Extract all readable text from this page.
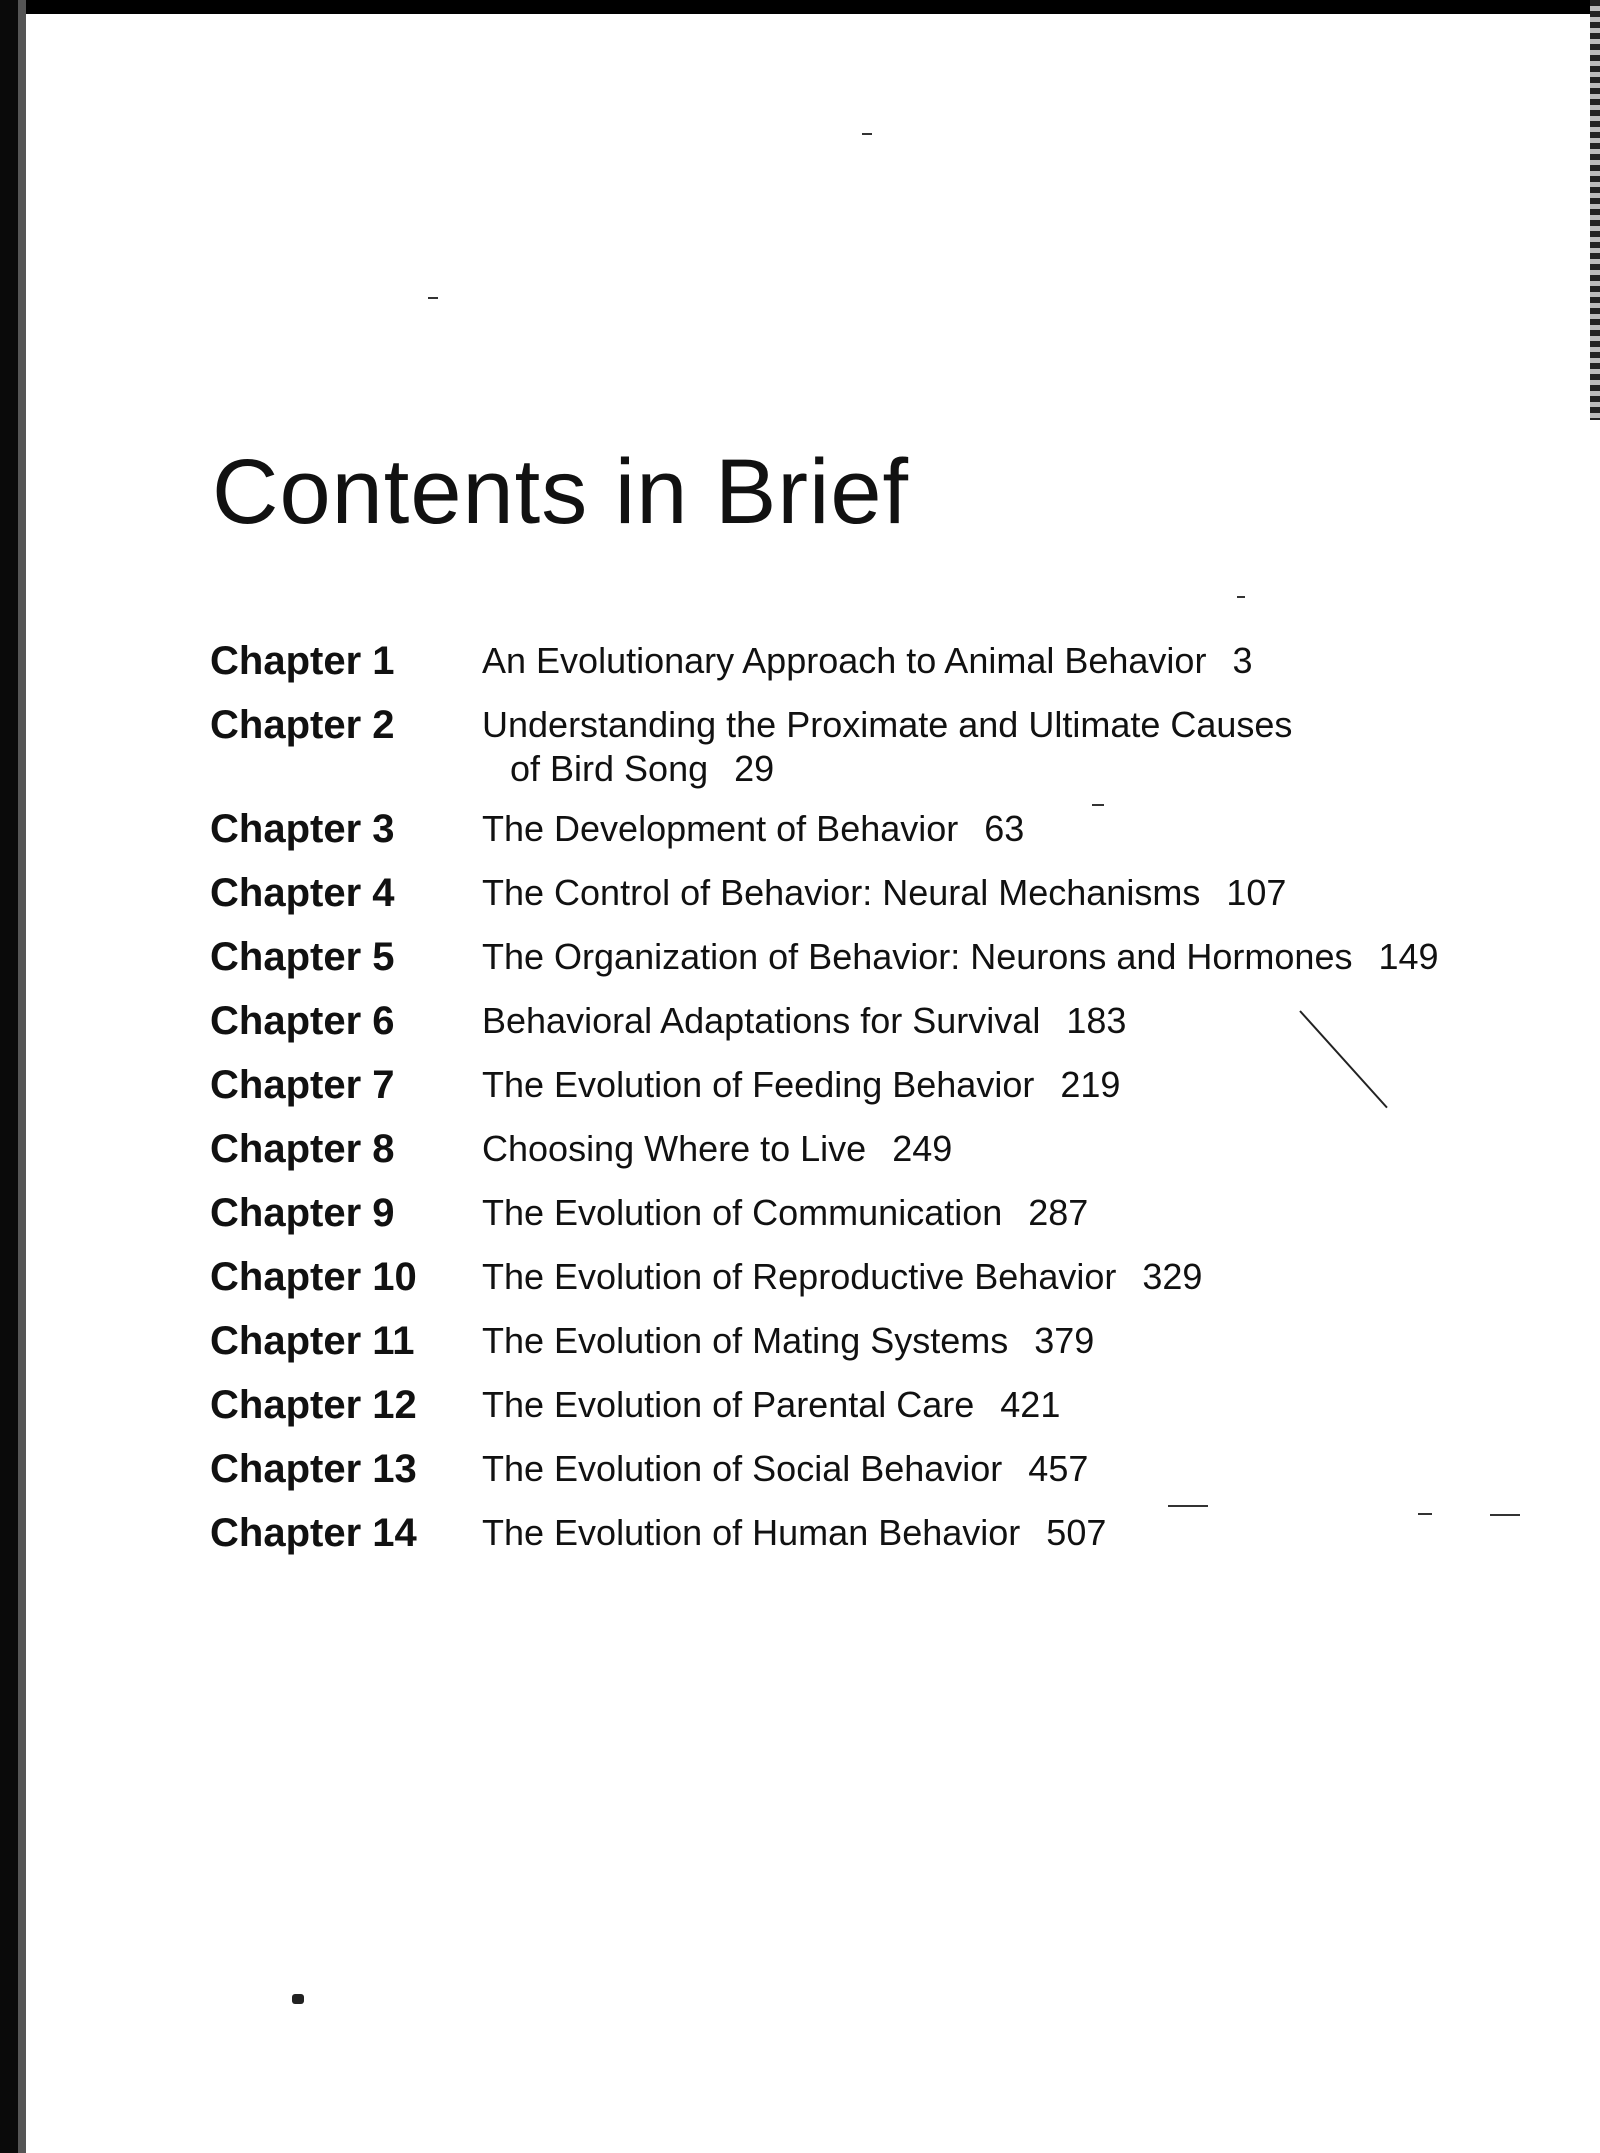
Contents in Brief
Chapter 1	An Evolutionary Approach to Animal Behavior 3
Chapter 2	Understanding the Proximate and Ultimate Causes
of Bird Song 29
Chapter 3	The Development of Behavior 63
Chapter 4	The Control of Behavior: Neural Mechanisms 107
Chapter 5	The Organization of Behavior: Neurons and Hormones 149
Chapter 6	Behavioral Adaptations for Survival 183
Chapter 7	The Evolution of Feeding Behavior 219
Chapter 8	Choosing Where to Live 249
Chapter 9	The Evolution of Communication 287
Chapter 10	The Evolution of Reproductive Behavior 329
Chapter 11	The Evolution of Mating Systems 379
Chapter 12	The Evolution of Parental Care 421
Chapter 13	The Evolution of Social Behavior 457
Chapter 14	The Evolution of Human Behavior 507
